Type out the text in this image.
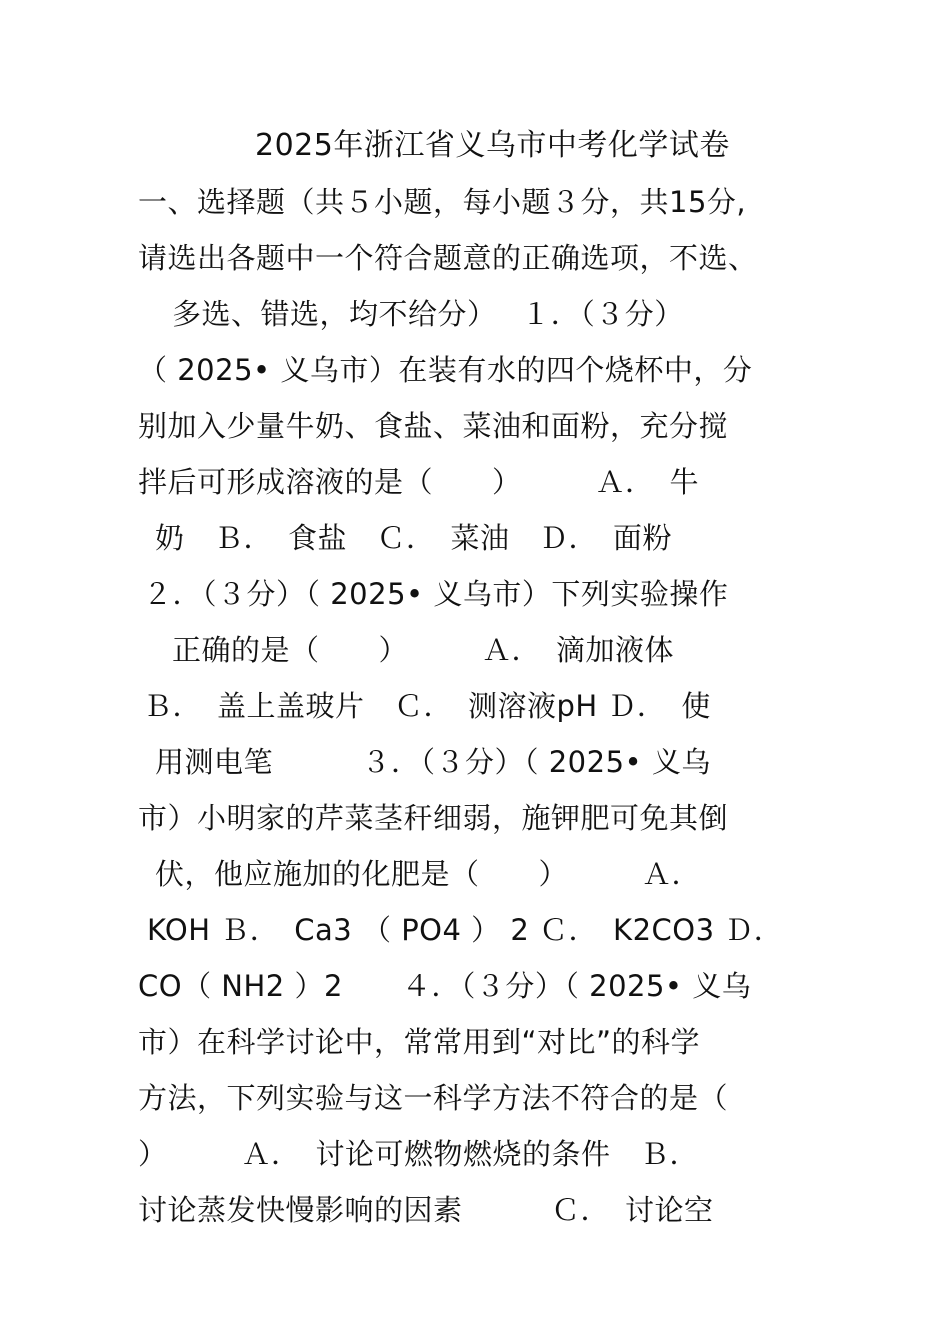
2025年浙江省义乌市中考化学试卷
一、选择题（共５小题，每小题３分，共15分,
请选出各题中一个符合题意的正确选项，不选、
多选、错选，均不给分）　 １．（３分）
（ 2025• 义乌市）在装有水的四个烧杯中，分
别加入少量牛奶、食盐、菜油和面粉，充分搅
拌后可形成溶液的是（　　）　　　Ａ．　牛
奶　Ｂ．　食盐　Ｃ．　菜油　Ｄ．　面粉
２．（３分）（ 2025• 义乌市）下列实验操作
正确的是（　　）　　　Ａ．　滴加液体
Ｂ．　盖上盖玻片　Ｃ．　测溶液pH Ｄ．　使
用测电笔　　　３．（３分）（ 2025• 义乌
市）小明家的芹菜茎秆细弱，施钾肥可免其倒
伏，他应施加的化肥是（　　）　　　Ａ．
KOH Ｂ．　Ca3 （ PO4 ） 2 Ｃ．　K2CO3 Ｄ．
CO（ NH2 ）2　　４．（３分）（ 2025• 义乌
市）在科学讨论中，常常用到“对比”的科学
方法，下列实验与这一科学方法不符合的是（
）　　　Ａ．　讨论可燃物燃烧的条件　Ｂ．
讨论蒸发快慢影响的因素　　　Ｃ．　讨论空
